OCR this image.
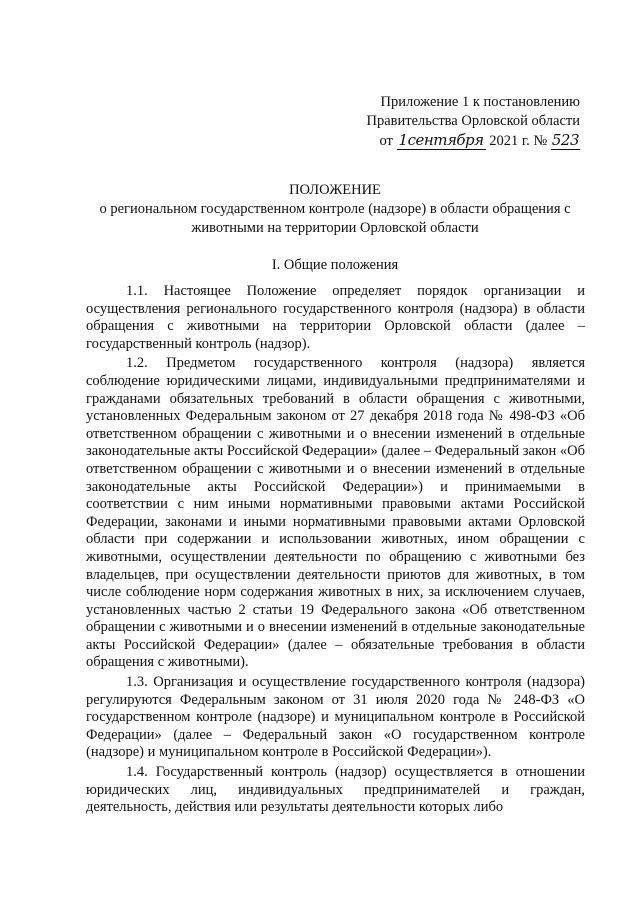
Приложение 1 к постановлению
Правительства Орловской области
от 1сентября 2021 г. № 523
ПОЛОЖЕНИЕ
о региональном государственном контроле (надзоре) в области обращения с животными на территории Орловской области
I. Общие положения

1.1. Настоящее Положение определяет порядок организации и осуществления регионального государственного контроля (надзора) в области обращения с животными на территории Орловской области (далее – государственный контроль (надзор).

1.2. Предметом государственного контроля (надзора) является соблюдение юридическими лицами, индивидуальными предпринимателями и гражданами обязательных требований в области обращения с животными, установленных Федеральным законом от 27 декабря 2018 года № 498-ФЗ «Об ответственном обращении с животными и о внесении изменений в отдельные законодательные акты Российской Федерации» (далее – Федеральный закон «Об ответственном обращении с животными и о внесении изменений в отдельные законодательные акты Российской Федерации») и принимаемыми в соответствии с ним иными нормативными правовыми актами Российской Федерации, законами и иными нормативными правовыми актами Орловской области при содержании и использовании животных, ином обращении с животными, осуществлении деятельности по обращению с животными без владельцев, при осуществлении деятельности приютов для животных, в том числе соблюдение норм содержания животных в них, за исключением случаев, установленных частью 2 статьи 19 Федерального закона «Об ответственном обращении с животными и о внесении изменений в отдельные законодательные акты Российской Федерации» (далее – обязательные требования в области обращения с животными).

1.3. Организация и осуществление государственного контроля (надзора) регулируются Федеральным законом от 31 июля 2020 года № 248-ФЗ «О государственном контроле (надзоре) и муниципальном контроле в Российской Федерации» (далее – Федеральный закон «О государственном контроле (надзоре) и муниципальном контроле в Российской Федерации»).

1.4. Государственный контроль (надзор) осуществляется в отношении юридических лиц, индивидуальных предпринимателей и граждан, деятельность, действия или результаты деятельности которых либо
